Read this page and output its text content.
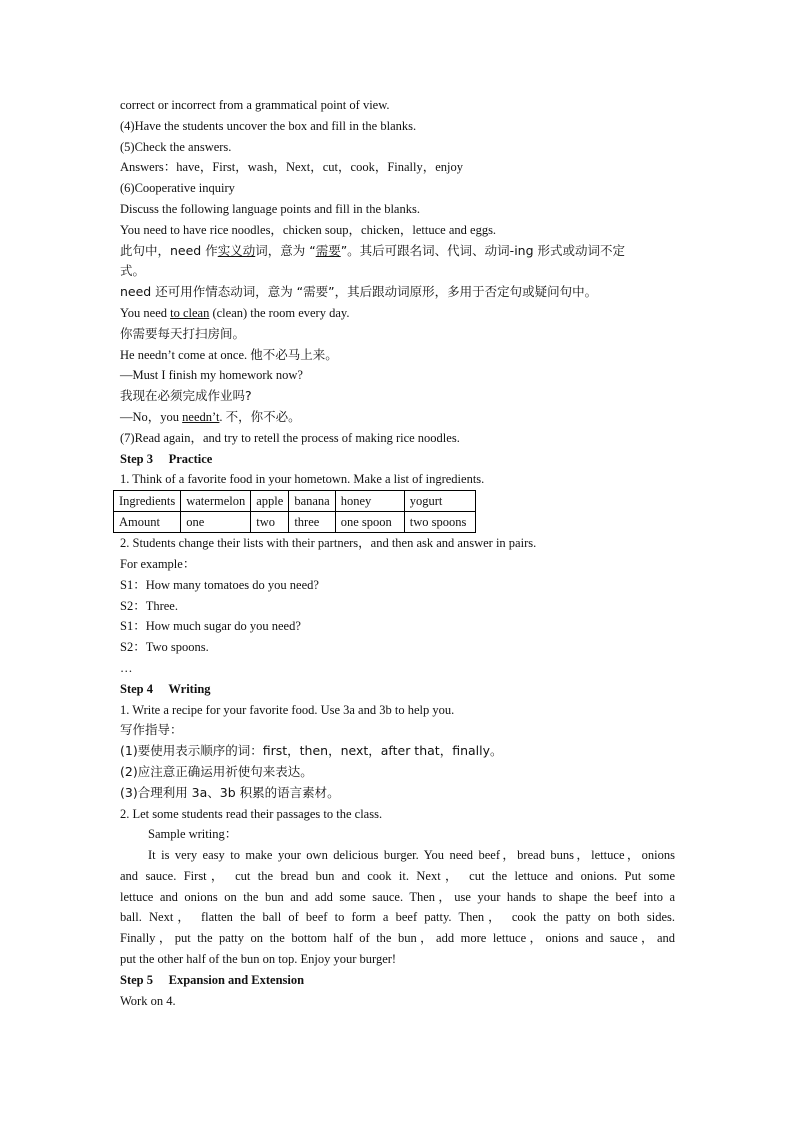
correct or incorrect from a grammatical point of view.
(4)Have the students uncover the box and fill in the blanks.
(5)Check the answers.
Answers：have，First，wash，Next，cut，cook，Finally，enjoy
(6)Cooperative inquiry
Discuss the following language points and fill in the blanks.
You need to have rice noodles，chicken soup，chicken，lettuce and eggs.
此句中，need 作实义动词，意为 “需要”。其后可跟名词、代词、动词-ing 形式或动词不定
式。
need 还可用作情态动词，意为 “需要”，其后跟动词原形，多用于否定句或疑问句中。
You need to clean (clean) the room every day.
你需要每天打扫房间。
He needn’t come at once. 他不必马上来。
—Must I finish my homework now?
我现在必须完成作业吗?
—No，you needn’t. 不，你不必。
(7)Read again，and try to retell the process of making rice noodles.
Step 3　 Practice
1. Think of a favorite food in your hometown. Make a list of ingredients.
Ingredients	watermelon	apple	banana	honey	yogurt
Amount	one	two	three	one spoon	two spoons
2. Students change their lists with their partners，and then ask and answer in pairs.
For example：
S1：How many tomatoes do you need?
S2：Three.
S1：How much sugar do you need?
S2：Two spoons.
…
Step 4　 Writing
1. Write a recipe for your favorite food. Use 3a and 3b to help you.
写作指导：
(1)要使用表示顺序的词：first，then，next，after that，finally。
(2)应注意正确运用祈使句来表达。
(3)合理利用 3a、3b 积累的语言素材。
2. Let some students read their passages to the class.
Sample writing：
It is very easy to make your own delicious burger. You need beef，bread buns，lettuce，onions
and sauce. First， cut the bread bun and cook it. Next， cut the lettuce and onions. Put some
lettuce and onions on the bun and add some sauce. Then，use your hands to shape the beef into a
ball. Next， flatten the ball of beef to form a beef patty. Then， cook the patty on both sides.
Finally，put the patty on the bottom half of the bun，add more lettuce，onions and sauce，and
put the other half of the bun on top. Enjoy your burger!
Step 5　 Expansion and Extension
Work on 4.
